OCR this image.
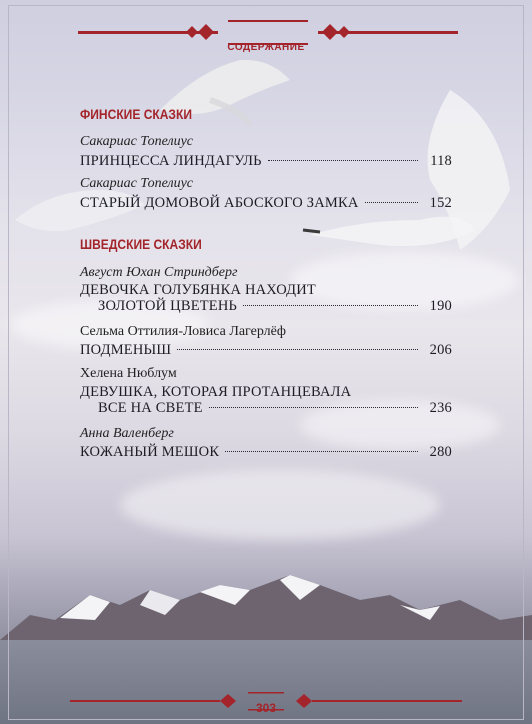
СОДЕРЖАНИЕ
ФИНСКИЕ СКАЗКИ
Сакариас Топелиус
ПРИНЦЕССА ЛИНДАГУЛЬ	118
Сакариас Топелиус
СТАРЫЙ ДОМОВОЙ АБОСКОГО ЗАМКА	152
ШВЕДСКИЕ СКАЗКИ
Август Юхан Стриндберг
ДЕВОЧКА ГОЛУБЯНКА НАХОДИТ
ЗОЛОТОЙ ЦВЕТЕНЬ	190
Сельма Оттилия-Ловиса Лагерлёф
ПОДМЕНЫШ	206
Хелена Нюблум
ДЕВУШКА, КОТОРАЯ ПРОТАНЦЕВАЛА
ВСЕ НА СВЕТЕ	236
Анна Валенберг
КОЖАНЫЙ МЕШОК	280
303
